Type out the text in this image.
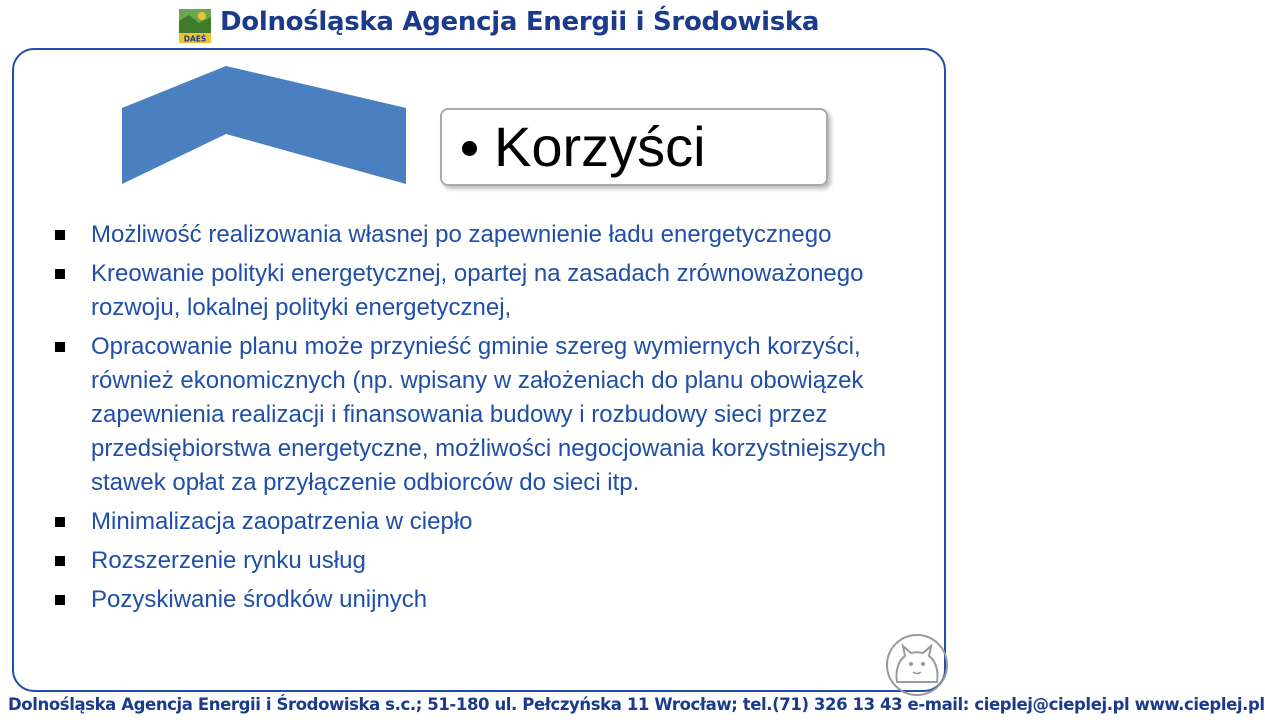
DAEŚ
Dolnośląska Agencja Energii i Środowiska
Korzyści
Możliwość realizowania własnej po zapewnienie ładu energetycznego
Kreowanie polityki energetycznej, opartej na zasadach zrównoważonego rozwoju, lokalnej polityki energetycznej,
Opracowanie planu może przynieść gminie szereg wymiernych korzyści, również ekonomicznych (np. wpisany w założeniach do planu obowiązek zapewnienia realizacji i finansowania budowy i rozbudowy sieci przez przedsiębiorstwa energetyczne, możliwości negocjowania korzystniejszych stawek opłat za przyłączenie odbiorców do sieci itp.
Minimalizacja zaopatrzenia w ciepło
Rozszerzenie rynku usług
Pozyskiwanie środków unijnych
Dolnośląska Agencja Energii i Środowiska s.c.; 51-180 ul. Pełczyńska 11 Wrocław; tel.(71) 326 13 43 e-mail: cieplej@cieplej.pl www.cieplej.pl
